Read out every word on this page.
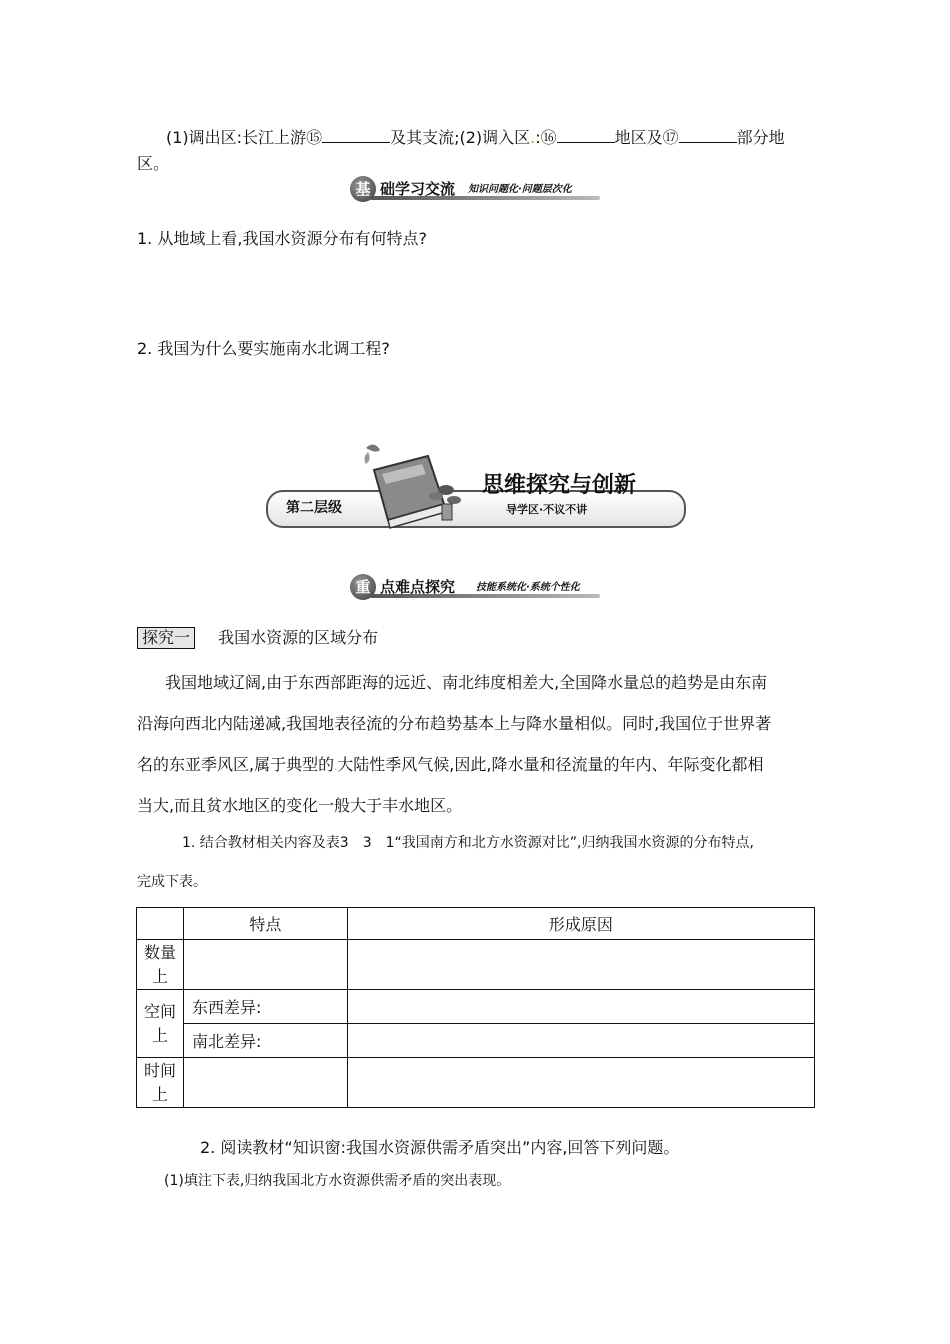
(1)调出区:长江上游⑮	及其支流;(2)调入区.:⑯	地区及⑰	部分地
区。
基 础学习交流 知识问题化·问题层次化
1. 从地域上看,我国水资源分布有何特点?
2. 我国为什么要实施南水北调工程?
第二层级
思维探究与创新
导学区·不议不讲
重 点难点探究 技能系统化·系统个性化
探究一 我国水资源的区域分布
我国地域辽阔,由于东西部距海的远近、南北纬度相差大,全国降水量总的趋势是由东南
沿海向西北内陆递减,我国地表径流的分布趋势基本上与降水量相似。同时,我国位于世界著
名的东亚季风区,属于典型的.大陆性季风气候,因此,降水量和径流量的年内、年际变化都相
当大,而且贫水地区的变化一般大于丰水地区。
1. 结合教材相关内容及表3　3　1“我国南方和北方水资源对比”,归纳我国水资源的分布特点,
完成下表。
	特点	形成原因
数量上		
空间上	东西差异:	
	南北差异:	
时间上		
2. 阅读教材“知识窗:我国水资源供需矛盾突出”内容,回答下列问题。
(1)填注下表,归纳我国北方水资源供需矛盾的突出表现。
